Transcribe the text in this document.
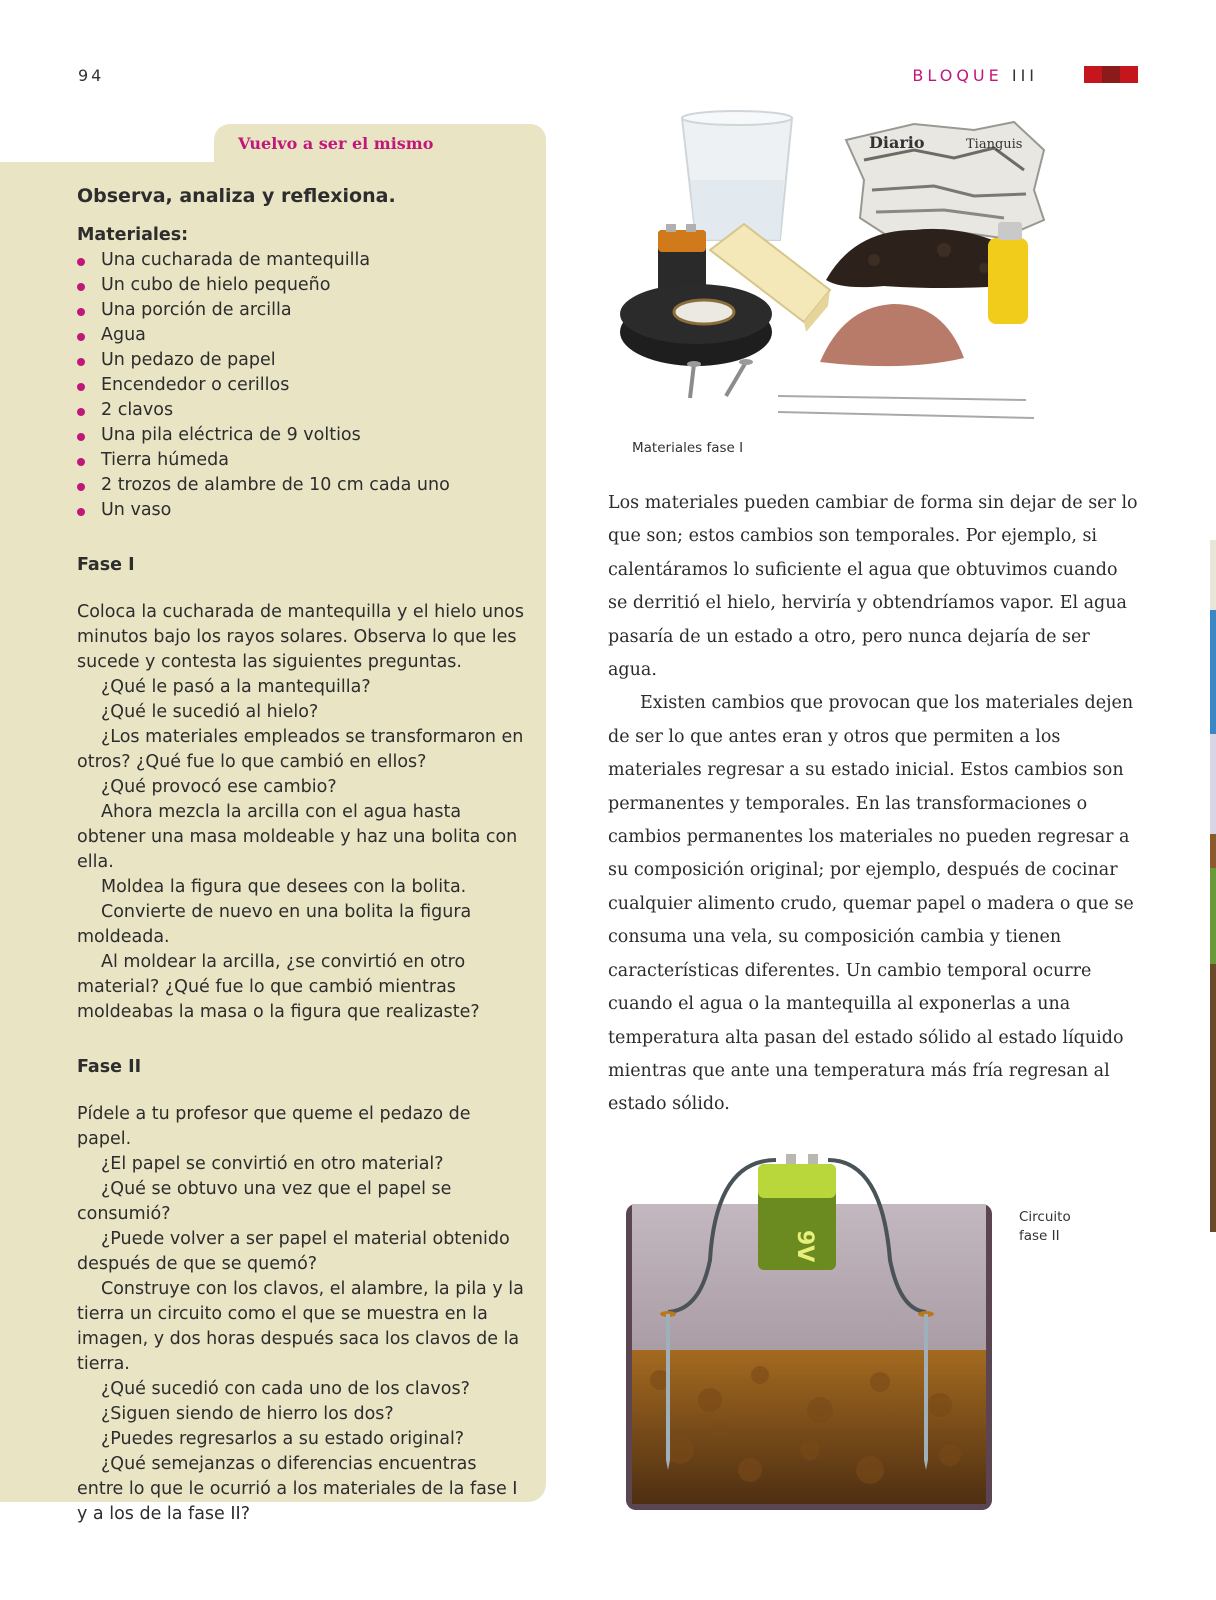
94	BLOQUE III
Vuelvo a ser el mismo

Observa, analiza y reflexiona.

Materiales:

Una cucharada de mantequilla
Un cubo de hielo pequeño
Una porción de arcilla
Agua
Un pedazo de papel
Encendedor o cerillos
2 clavos
Una pila eléctrica de 9 voltios
Tierra húmeda
2 trozos de alambre de 10 cm cada uno
Un vaso

Fase I

Coloca la cucharada de mantequilla y el hielo unos minutos bajo los rayos solares. Observa lo que les sucede y contesta las siguientes preguntas.

¿Qué le pasó a la mantequilla?

¿Qué le sucedió al hielo?

¿Los materiales empleados se transformaron en otros? ¿Qué fue lo que cambió en ellos?

¿Qué provocó ese cambio?

Ahora mezcla la arcilla con el agua hasta obtener una masa moldeable y haz una bolita con ella.

Moldea la figura que desees con la bolita.

Convierte de nuevo en una bolita la figura moldeada.

Al moldear la arcilla, ¿se convirtió en otro material? ¿Qué fue lo que cambió mientras moldeabas la masa o la figura que realizaste?

Fase II

Pídele a tu profesor que queme el pedazo de papel.

¿El papel se convirtió en otro material?

¿Qué se obtuvo una vez que el papel se consumió?

¿Puede volver a ser papel el material obtenido después de que se quemó?

Construye con los clavos, el alambre, la pila y la tierra un circuito como el que se muestra en la imagen, y dos horas después saca los clavos de la tierra.

¿Qué sucedió con cada uno de los clavos?

¿Siguen siendo de hierro los dos?

¿Puedes regresarlos a su estado original?

¿Qué semejanzas o diferencias encuentras entre lo que le ocurrió a los materiales de la fase I y a los de la fase II?

Diario	Tianguis
Materiales fase I

Los materiales pueden cambiar de forma sin dejar de ser lo que son; estos cambios son temporales. Por ejemplo, si calentáramos lo suficiente el agua que obtuvimos cuando se derritió el hielo, herviría y obtendríamos vapor. El agua pasaría de un estado a otro, pero nunca dejaría de ser agua.

Existen cambios que provocan que los materiales dejen de ser lo que antes eran y otros que permiten a los materiales regresar a su estado inicial. Estos cambios son permanentes y temporales. En las transformaciones o cambios permanentes los materiales no pueden regresar a su composición original; por ejemplo, después de cocinar cualquier alimento crudo, quemar papel o madera o que se consuma una vela, su composición cambia y tienen características diferentes. Un cambio temporal ocurre cuando el agua o la mantequilla al exponerlas a una temperatura alta pasan del estado sólido al estado líquido mientras que ante una temperatura más fría regresan al estado sólido.

9V
Circuito fase II
